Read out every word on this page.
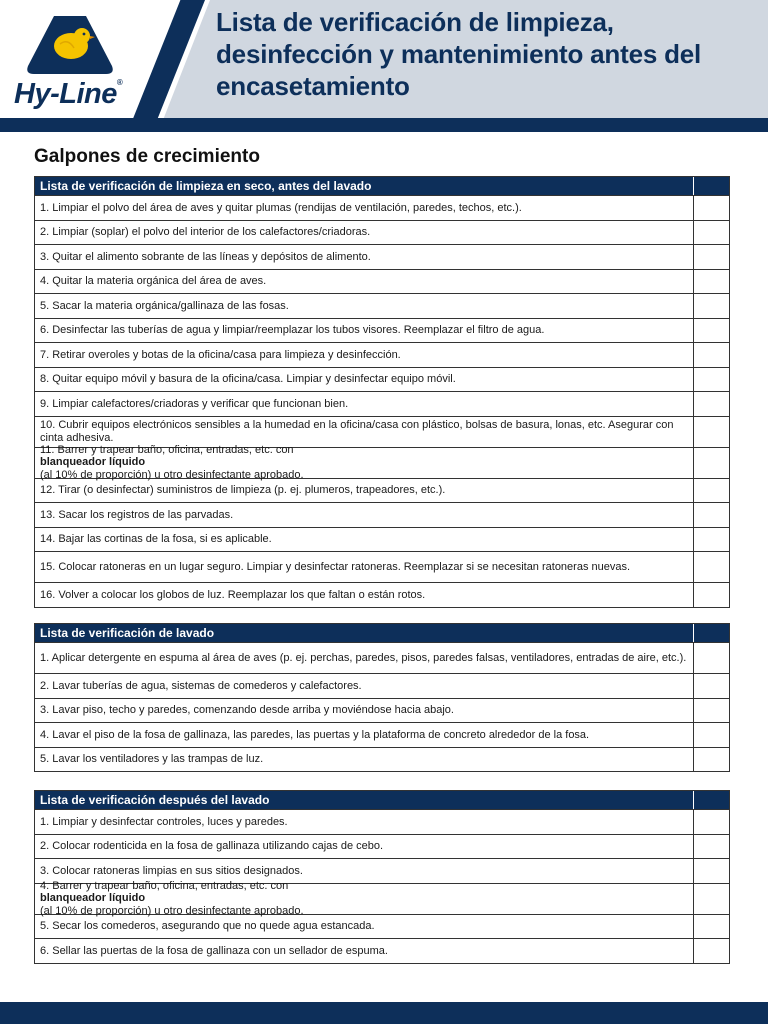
Hy-Line®
Lista de verificación de limpieza, desinfección y mantenimiento antes del encasetamiento
Galpones de crecimiento
Lista de verificación de limpieza en seco, antes del lavado
1. Limpiar el polvo del área de aves y quitar plumas (rendijas de ventilación, paredes, techos, etc.).
2. Limpiar (soplar) el polvo del interior de los calefactores/criadoras.
3. Quitar el alimento sobrante de las líneas y depósitos de alimento.
4. Quitar la materia orgánica del área de aves.
5. Sacar la materia orgánica/gallinaza de las fosas.
6. Desinfectar las tuberías de agua y limpiar/reemplazar los tubos visores. Reemplazar el filtro de agua.
7. Retirar overoles y botas de la oficina/casa para limpieza y desinfección.
8. Quitar equipo móvil y basura de la oficina/casa. Limpiar y desinfectar equipo móvil.
9. Limpiar calefactores/criadoras y verificar que funcionan bien.
10. Cubrir equipos electrónicos sensibles a la humedad en la oficina/casa con plástico, bolsas de basura, lonas, etc. Asegurar con cinta adhesiva.
11. Barrer y trapear baño, oficina, entradas, etc. con
blanqueador líquido
(al 10% de proporción) u otro desinfectante aprobado.
12. Tirar (o desinfectar) suministros de limpieza (p. ej. plumeros, trapeadores, etc.).
13. Sacar los registros de las parvadas.
14. Bajar las cortinas de la fosa, si es aplicable.
15. Colocar ratoneras en un lugar seguro. Limpiar y desinfectar ratoneras. Reemplazar si se necesitan ratoneras nuevas.
16. Volver a colocar los globos de luz. Reemplazar los que faltan o están rotos.
Lista de verificación de lavado
1. Aplicar detergente en espuma al área de aves (p. ej. perchas, paredes, pisos, paredes falsas, ventiladores, entradas de aire, etc.).
2. Lavar tuberías de agua, sistemas de comederos y calefactores.
3. Lavar piso, techo y paredes, comenzando desde arriba y moviéndose hacia abajo.
4. Lavar el piso de la fosa de gallinaza, las paredes, las puertas y la plataforma de concreto alrededor de la fosa.
5. Lavar los ventiladores y las trampas de luz.
Lista de verificación después del lavado
1. Limpiar y desinfectar controles, luces y paredes.
2. Colocar rodenticida en la fosa de gallinaza utilizando cajas de cebo.
3. Colocar ratoneras limpias en sus sitios designados.
4. Barrer y trapear baño, oficina, entradas, etc. con
blanqueador líquido
(al 10% de proporción) u otro desinfectante aprobado.
5. Secar los comederos, asegurando que no quede agua estancada.
6. Sellar las puertas de la fosa de gallinaza con un sellador de espuma.
